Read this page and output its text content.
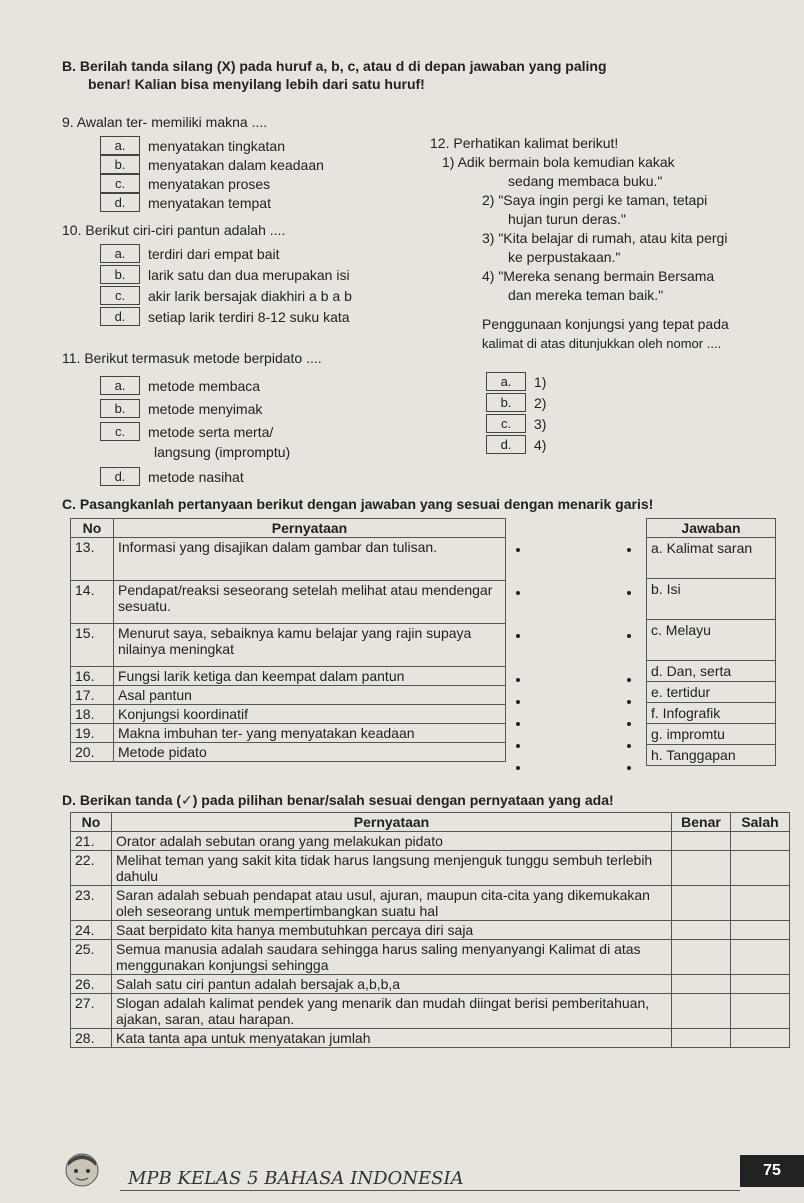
B. Berilah tanda silang (X) pada huruf a, b, c, atau d di depan jawaban yang paling
benar! Kalian bisa menyilang lebih dari satu huruf!
9. Awalan ter- memiliki makna ....
a.	menyatakan tingkatan
b.	menyatakan dalam keadaan
c.	menyatakan proses
d.	menyatakan tempat
10. Berikut ciri-ciri pantun adalah ....
a.	terdiri dari empat bait
b.	larik satu dan dua merupakan isi
c.	akir larik bersajak diakhiri a b a b
d.	setiap larik terdiri 8-12 suku kata
11. Berikut termasuk metode berpidato ....
a.	metode membaca
b.	metode menyimak
c.	metode serta merta/
langsung (impromptu)
d.	metode nasihat
12. Perhatikan kalimat berikut!
1) Adik bermain bola kemudian kakak
sedang membaca buku."
2) "Saya ingin pergi ke taman, tetapi
hujan turun deras."
3) "Kita belajar di rumah, atau kita pergi
ke perpustakaan."
4) "Mereka senang bermain Bersama
dan mereka teman baik."
Penggunaan konjungsi yang tepat pada
kalimat di atas ditunjukkan oleh nomor ....
a.	1)
b.	2)
c.	3)
d.	4)
C. Pasangkanlah pertanyaan berikut dengan jawaban yang sesuai dengan menarik garis!
No	Pernyataan
13.	Informasi yang disajikan dalam gambar dan tulisan.
14.	Pendapat/reaksi seseorang setelah melihat atau mendengar sesuatu.
15.	Menurut saya, sebaiknya kamu belajar yang rajin supaya nilainya meningkat
16.	Fungsi larik ketiga dan keempat dalam pantun
17.	Asal pantun
18.	Konjungsi koordinatif
19.	Makna imbuhan ter- yang menyatakan keadaan
20.	Metode pidato
Jawaban
a. Kalimat saran
b. Isi
c. Melayu
d. Dan, serta
e. tertidur
f. Infografik
g. impromtu
h. Tanggapan
D. Berikan tanda (✓) pada pilihan benar/salah sesuai dengan pernyataan yang ada!
No	Pernyataan	Benar	Salah
21.	Orator adalah sebutan orang yang melakukan pidato		
22.	Melihat teman yang sakit kita tidak harus langsung menjenguk tunggu sembuh terlebih dahulu		
23.	Saran adalah sebuah pendapat atau usul, ajuran, maupun cita-cita yang dikemukakan oleh seseorang untuk mempertimbangkan suatu hal		
24.	Saat berpidato kita hanya membutuhkan percaya diri saja		
25.	Semua manusia adalah saudara sehingga harus saling menyanyangi Kalimat di atas menggunakan konjungsi sehingga		
26.	Salah satu ciri pantun adalah bersajak a,b,b,a		
27.	Slogan adalah kalimat pendek yang menarik dan mudah diingat berisi pemberitahuan, ajakan, saran, atau harapan.		
28.	Kata tanta apa untuk menyatakan jumlah		
MPB KELAS 5 BAHASA INDONESIA	75
